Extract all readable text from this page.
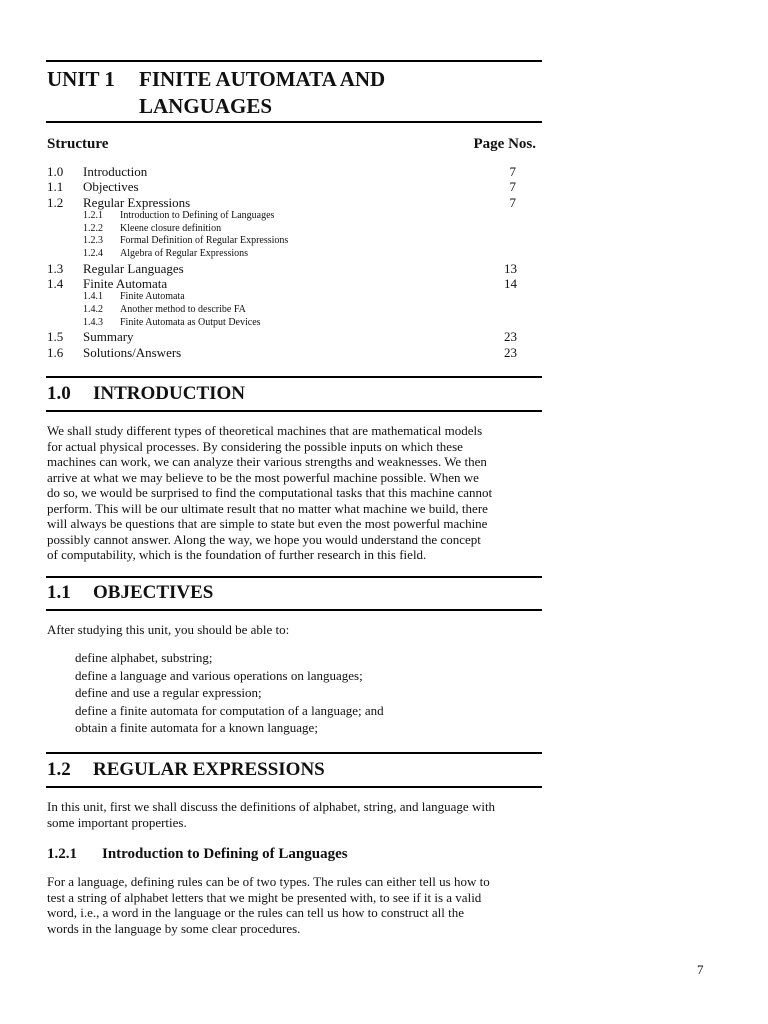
UNIT 1	FINITE AUTOMATA AND
LANGUAGES
Structure	Page Nos.
1.0	Introduction	7
1.1	Objectives	7
1.2	Regular Expressions	7
1.2.1	Introduction to Defining of Languages
1.2.2	Kleene closure definition
1.2.3	Formal Definition of Regular Expressions
1.2.4	Algebra of Regular Expressions
1.3	Regular Languages	13
1.4	Finite Automata	14
1.4.1	Finite Automata
1.4.2	Another method to describe FA
1.4.3	Finite Automata as Output Devices
1.5	Summary	23
1.6	Solutions/Answers	23
1.0	INTRODUCTION
We shall study different types of theoretical machines that are mathematical models
for actual physical processes. By considering the possible inputs on which these
machines can work, we can analyze their various strengths and weaknesses. We then
arrive at what we may believe to be the most powerful machine possible. When we
do so, we would be surprised to find the computational tasks that this machine cannot
perform. This will be our ultimate result that no matter what machine we build, there
will always be questions that are simple to state but even the most powerful machine
possibly cannot answer. Along the way, we hope you would understand the concept
of computability, which is the foundation of further research in this field.
1.1	OBJECTIVES
After studying this unit, you should be able to:
define alphabet, substring;
define a language and various operations on languages;
define and use a regular expression;
define a finite automata for computation of a language; and
obtain a finite automata for a known language;
1.2	REGULAR EXPRESSIONS
In this unit, first we shall discuss the definitions of alphabet, string, and language with
some important properties.
1.2.1	Introduction to Defining of Languages
For a language, defining rules can be of two types. The rules can either tell us how to
test a string of alphabet letters that we might be presented with, to see if it is a valid
word, i.e., a word in the language or the rules can tell us how to construct all the
words in the language by some clear procedures.
7
